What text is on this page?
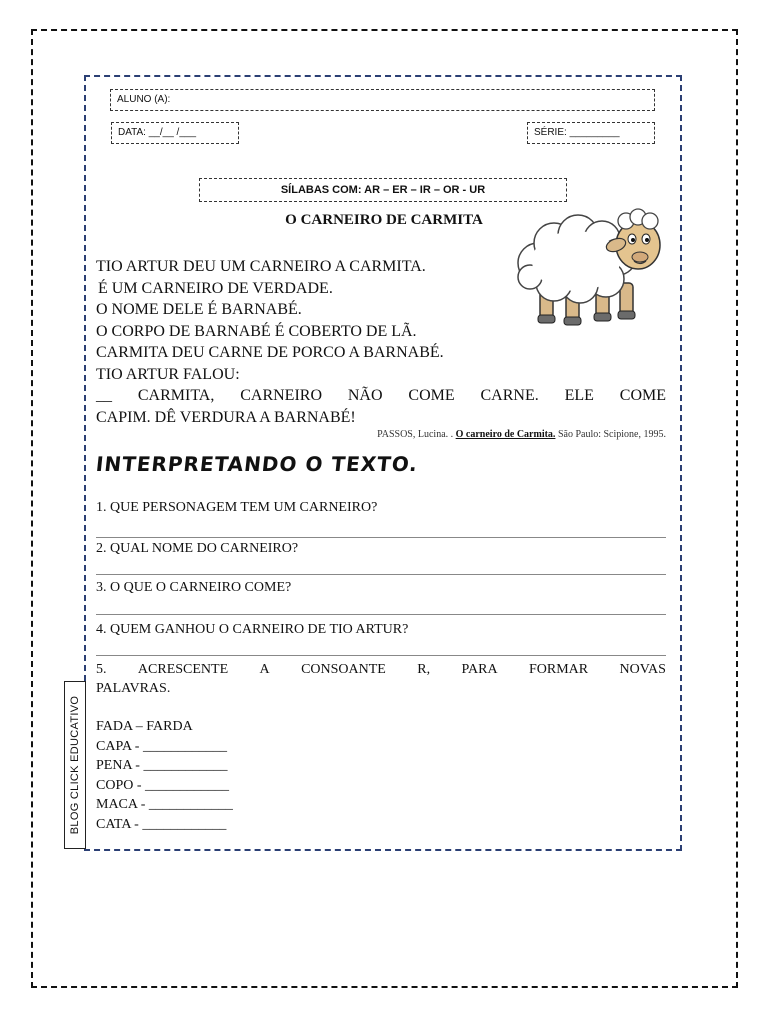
ALUNO (A):
DATA: __/__ /___	SÉRIE: _________
SÍLABAS COM: AR – ER – IR – OR - UR
O CARNEIRO DE CARMITA
TIO ARTUR DEU UM CARNEIRO A CARMITA.
É UM CARNEIRO DE VERDADE.
O NOME DELE É BARNABÉ.
O CORPO DE BARNABÉ É COBERTO DE LÃ.
CARMITA DEU CARNE DE PORCO A BARNABÉ.
TIO ARTUR FALOU:
__ CARMITA, CARNEIRO NÃO COME CARNE. ELE COME
CAPIM. DÊ VERDURA A BARNABÉ!
PASSOS, Lucina. . O carneiro de Carmita. São Paulo: Scipione, 1995.
INTERPRETANDO O TEXTO.
1. QUE PERSONAGEM TEM UM CARNEIRO?
2. QUAL NOME DO CARNEIRO?
3. O QUE O CARNEIRO COME?
4. QUEM GANHOU O CARNEIRO DE TIO ARTUR?
5. ACRESCENTE A CONSOANTE R, PARA FORMAR NOVAS
PALAVRAS.
FADA – FARDA
CAPA - ____________
PENA - ____________
COPO - ____________
MACA - ____________
CATA - ____________
BLOG CLICK EDUCATIVO
